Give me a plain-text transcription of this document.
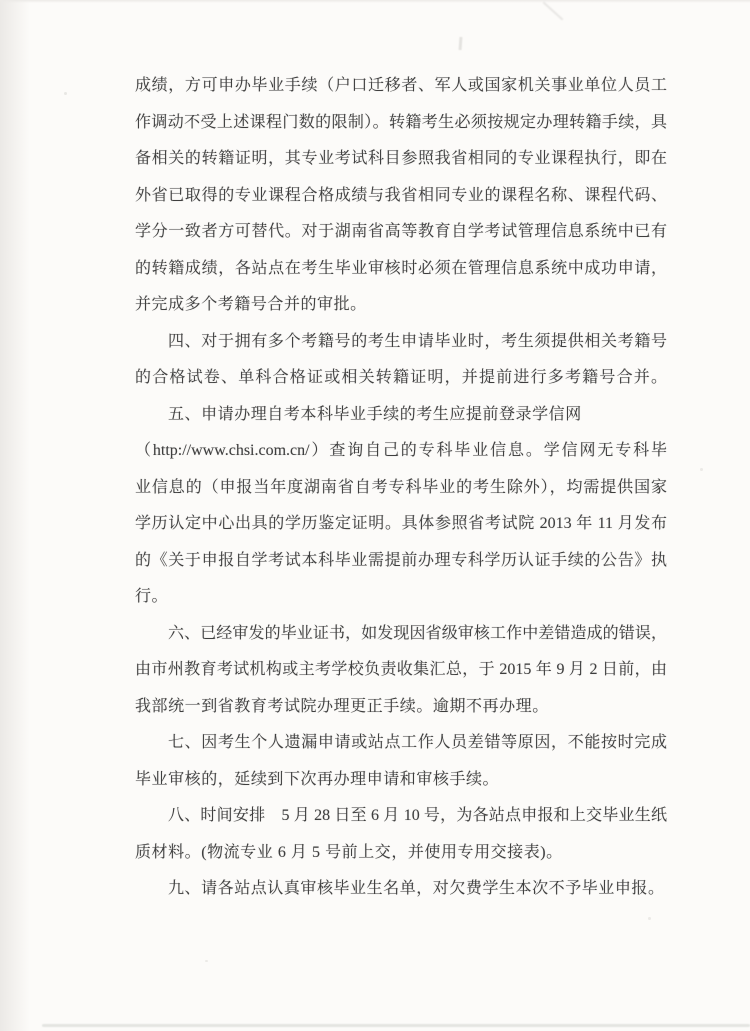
成绩，方可申办毕业手续（户口迁移者、军人或国家机关事业单位人员工
作调动不受上述课程门数的限制）。转籍考生必须按规定办理转籍手续，具
备相关的转籍证明，其专业考试科目参照我省相同的专业课程执行，即在
外省已取得的专业课程合格成绩与我省相同专业的课程名称、课程代码、
学分一致者方可替代。对于湖南省高等教育自学考试管理信息系统中已有
的转籍成绩，各站点在考生毕业审核时必须在管理信息系统中成功申请，
并完成多个考籍号合并的审批。
四、对于拥有多个考籍号的考生申请毕业时，考生须提供相关考籍号
的合格试卷、单科合格证或相关转籍证明，并提前进行多考籍号合并。
五、申请办理自考本科毕业手续的考生应提前登录学信网
（http://www.chsi.com.cn/）查询自己的专科毕业信息。学信网无专科毕
业信息的（申报当年度湖南省自考专科毕业的考生除外），均需提供国家
学历认定中心出具的学历鉴定证明。具体参照省考试院 2013 年 11 月发布
的《关于申报自学考试本科毕业需提前办理专科学历认证手续的公告》执
行。
六、已经审发的毕业证书，如发现因省级审核工作中差错造成的错误，
由市州教育考试机构或主考学校负责收集汇总，于 2015 年 9 月 2 日前，由
我部统一到省教育考试院办理更正手续。逾期不再办理。
七、因考生个人遗漏申请或站点工作人员差错等原因，不能按时完成
毕业审核的，延续到下次再办理申请和审核手续。
八、时间安排　5 月 28 日至 6 月 10 号，为各站点申报和上交毕业生纸
质材料。(物流专业 6 月 5 号前上交，并使用专用交接表)。
九、请各站点认真审核毕业生名单，对欠费学生本次不予毕业申报。
